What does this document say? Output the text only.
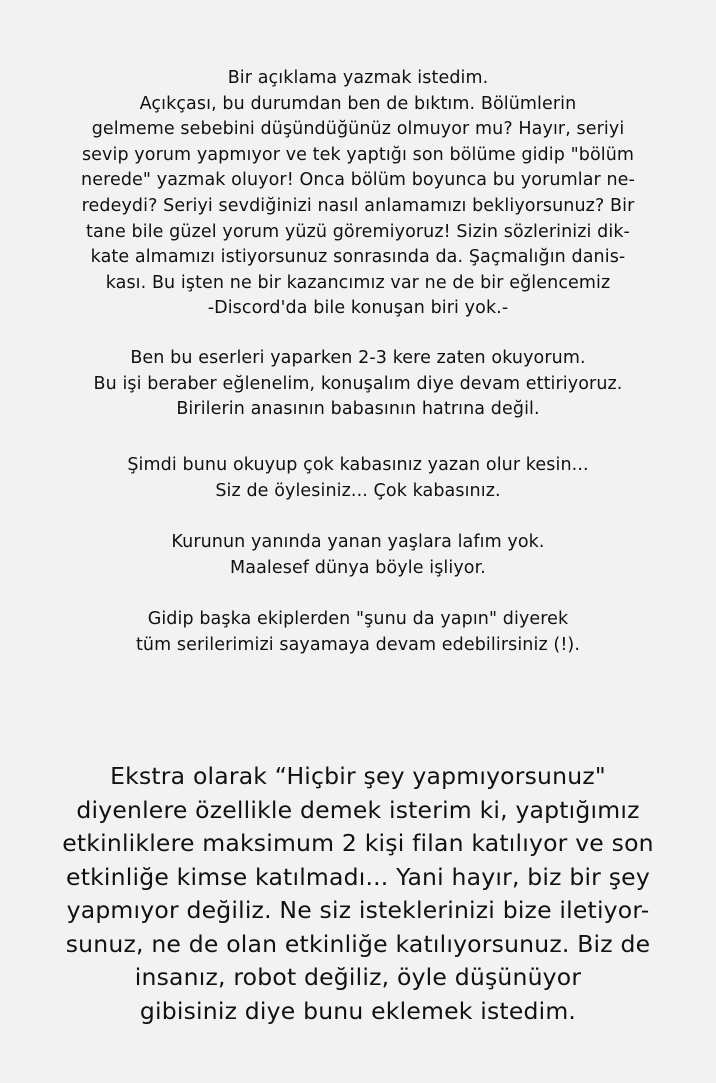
Bir açıklama yazmak istedim.
Açıkçası, bu durumdan ben de bıktım. Bölümlerin
gelmeme sebebini düşündüğünüz olmuyor mu? Hayır, seriyi
sevip yorum yapmıyor ve tek yaptığı son bölüme gidip "bölüm
nerede" yazmak oluyor! Onca bölüm boyunca bu yorumlar ne-
redeydi? Seriyi sevdiğinizi nasıl anlamamızı bekliyorsunuz? Bir
tane bile güzel yorum yüzü göremiyoruz! Sizin sözlerinizi dik-
kate almamızı istiyorsunuz sonrasında da. Şaçmalığın danis-
kası. Bu işten ne bir kazancımız var ne de bir eğlencemiz
-Discord'da bile konuşan biri yok.-
Ben bu eserleri yaparken 2-3 kere zaten okuyorum.
Bu işi beraber eğlenelim, konuşalım diye devam ettiriyoruz.
Birilerin anasının babasının hatrına değil.
Şimdi bunu okuyup çok kabasınız yazan olur kesin...
Siz de öylesiniz... Çok kabasınız.
Kurunun yanında yanan yaşlara lafım yok.
Maalesef dünya böyle işliyor.
Gidip başka ekiplerden "şunu da yapın" diyerek
tüm serilerimizi sayamaya devam edebilirsiniz (!).
Ekstra olarak “Hiçbir şey yapmıyorsunuz"
diyenlere özellikle demek isterim ki, yaptığımız
etkinliklere maksimum 2 kişi filan katılıyor ve son
etkinliğe kimse katılmadı... Yani hayır, biz bir şey
yapmıyor değiliz. Ne siz isteklerinizi bize iletiyor-
sunuz, ne de olan etkinliğe katılıyorsunuz. Biz de
insanız, robot değiliz, öyle düşünüyor
gibisiniz diye bunu eklemek istedim.
